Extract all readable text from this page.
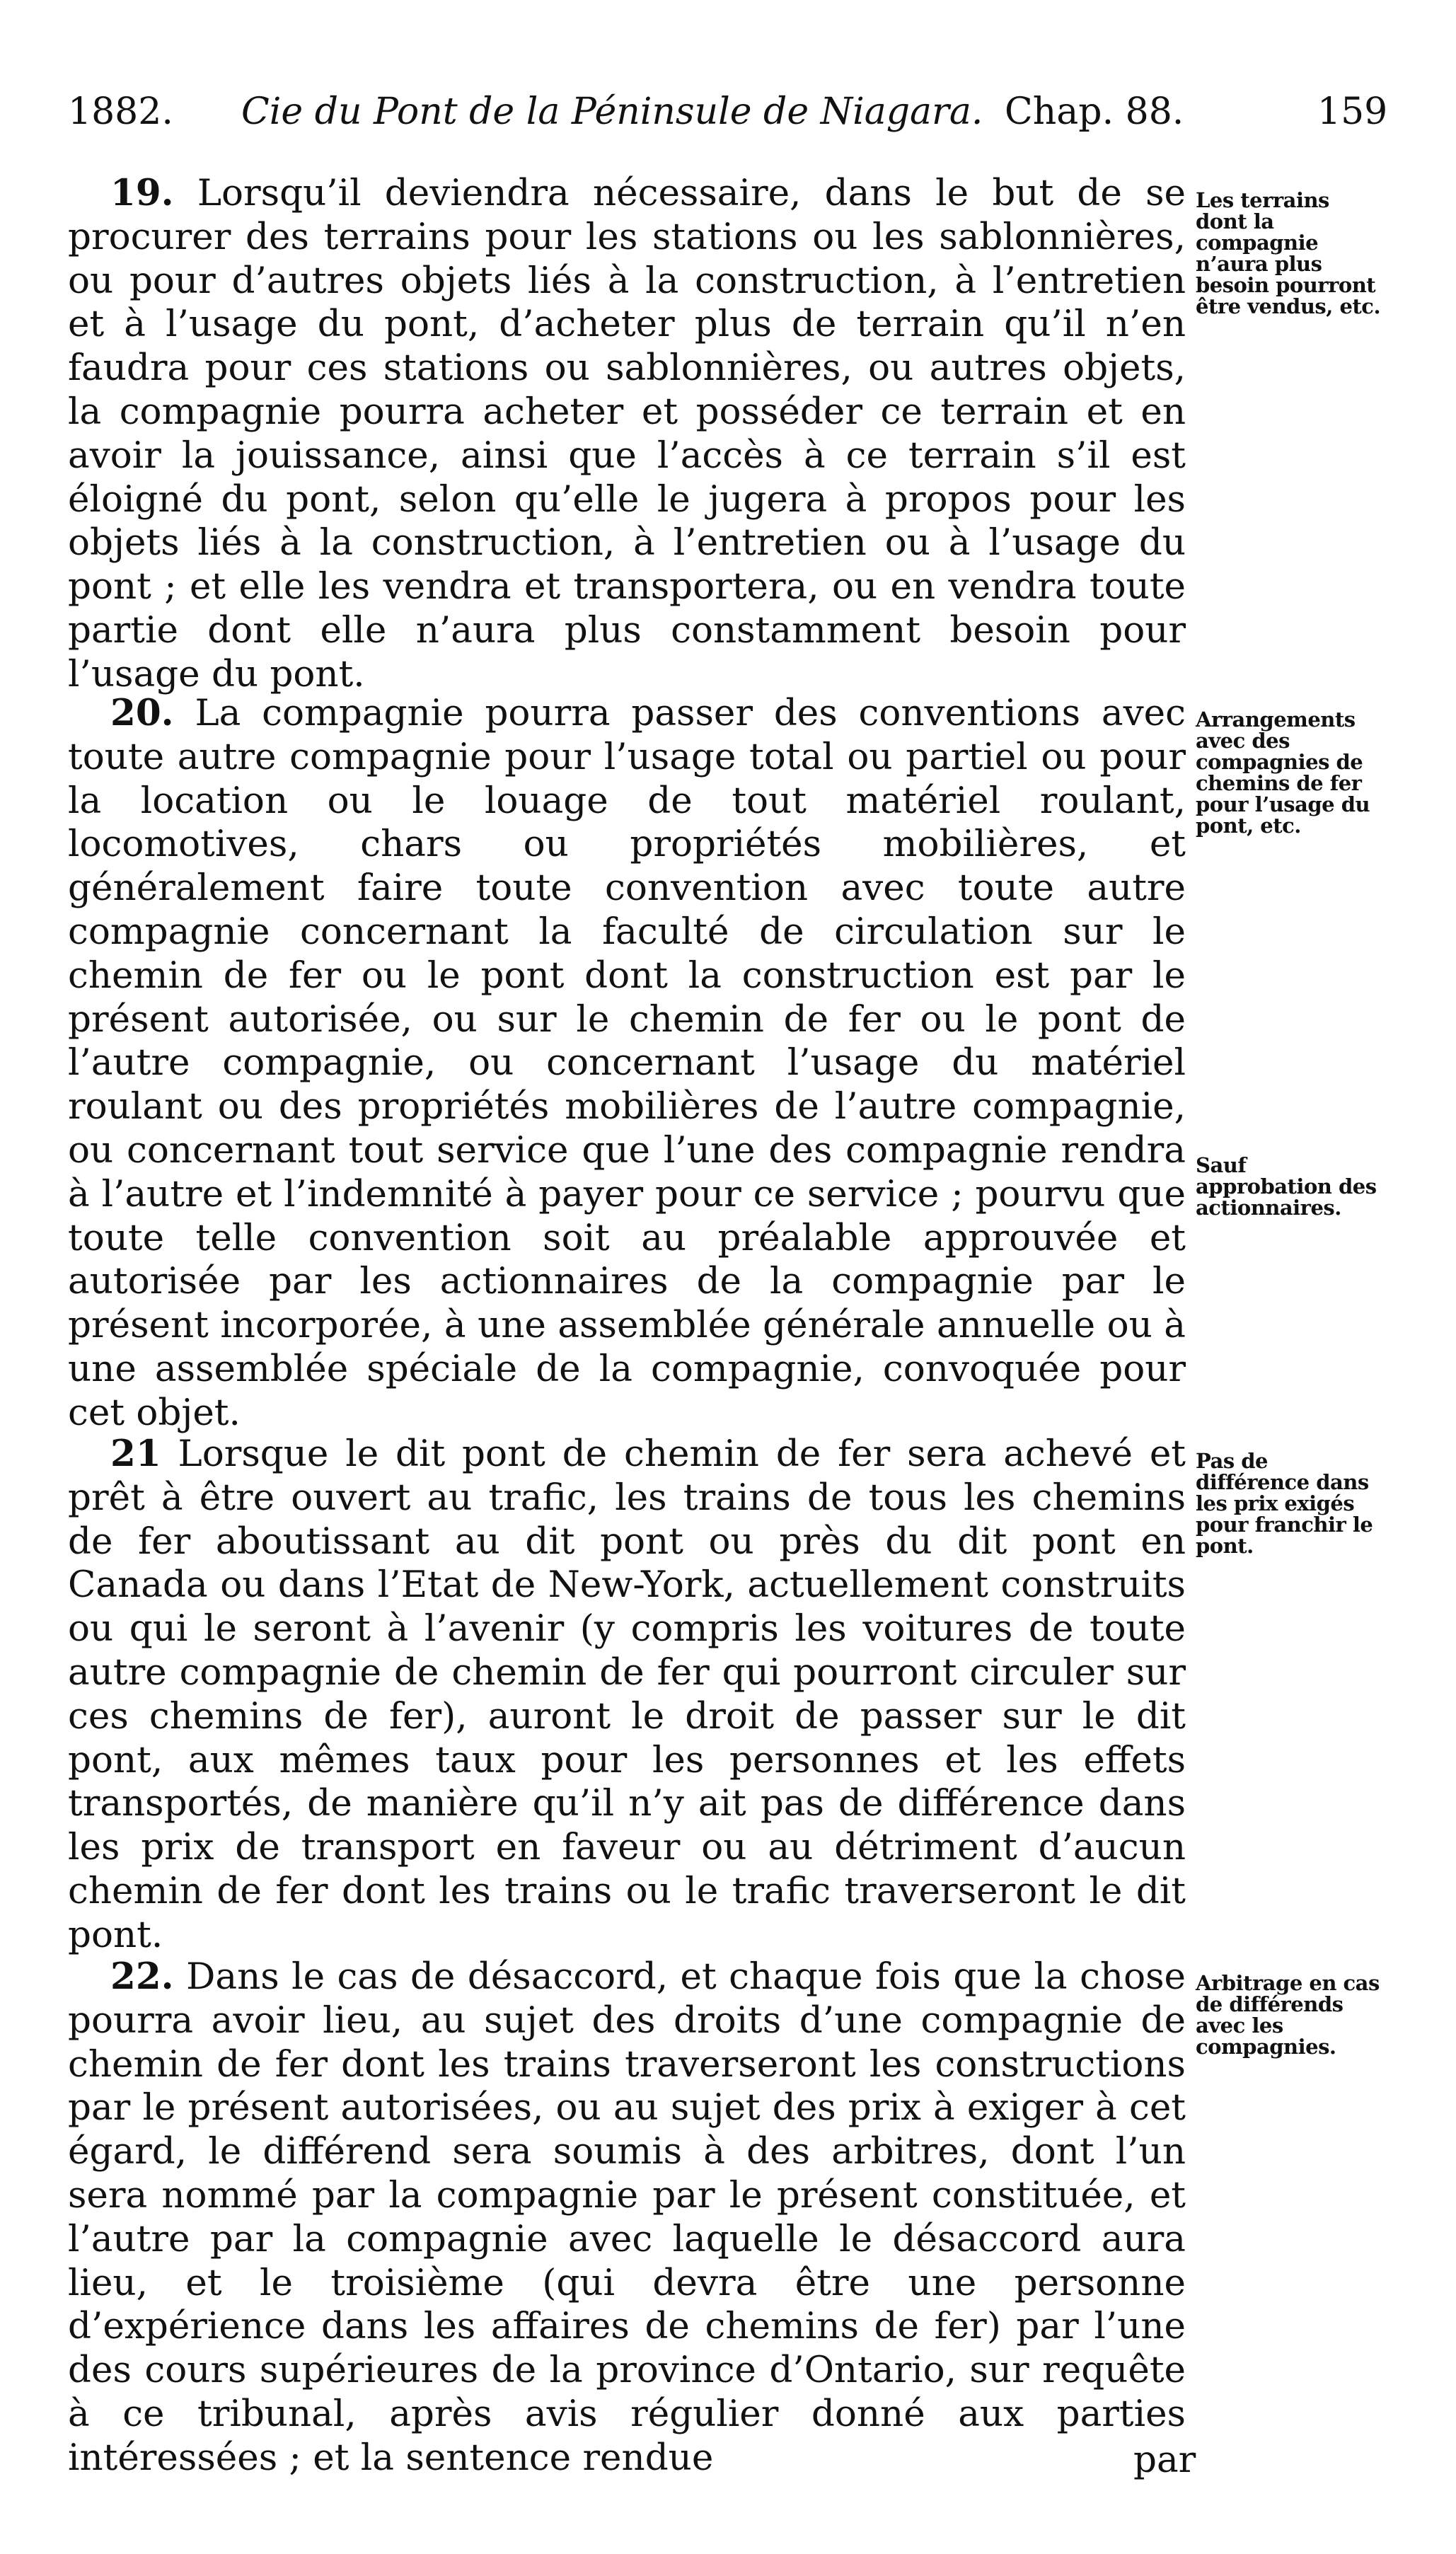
1882. Cie du Pont de la Péninsule de Niagara. Chap. 88.	159

19. Lorsqu’il deviendra nécessaire, dans le but de se procurer des terrains pour les stations ou les sablonnières, ou pour d’autres objets liés à la construction, à l’entretien et à l’usage du pont, d’acheter plus de terrain qu’il n’en faudra pour ces stations ou sablonnières, ou autres objets, la compagnie pourra acheter et posséder ce terrain et en avoir la jouissance, ainsi que l’accès à ce terrain s’il est éloigné du pont, selon qu’elle le jugera à propos pour les objets liés à la construction, à l’entretien ou à l’usage du pont ; et elle les vendra et transportera, ou en vendra toute partie dont elle n’aura plus constamment besoin pour l’usage du pont.

Les terrains dont la compagnie n’aura plus besoin pourront être vendus, etc.

20. La compagnie pourra passer des conventions avec toute autre compagnie pour l’usage total ou partiel ou pour la location ou le louage de tout matériel roulant, locomotives, chars ou propriétés mobilières, et généralement faire toute convention avec toute autre compagnie concernant la faculté de circulation sur le chemin de fer ou le pont dont la construction est par le présent autorisée, ou sur le chemin de fer ou le pont de l’autre compagnie, ou concernant l’usage du matériel roulant ou des propriétés mobilières de l’autre compagnie, ou concernant tout service que l’une des compagnie rendra à l’autre et l’indemnité à payer pour ce service ; pourvu que toute telle convention soit au préalable approuvée et autorisée par les actionnaires de la compagnie par le présent incorporée, à une assemblée générale annuelle ou à une assemblée spéciale de la compagnie, convoquée pour cet objet.

Arrangements avec des compagnies de chemins de fer pour l’usage du pont, etc.
Sauf approbation des actionnaires.

21 Lorsque le dit pont de chemin de fer sera achevé et prêt à être ouvert au trafic, les trains de tous les chemins de fer aboutissant au dit pont ou près du dit pont en Canada ou dans l’Etat de New-York, actuellement construits ou qui le seront à l’avenir (y compris les voitures de toute autre compagnie de chemin de fer qui pourront circuler sur ces chemins de fer), auront le droit de passer sur le dit pont, aux mêmes taux pour les personnes et les effets transportés, de manière qu’il n’y ait pas de différence dans les prix de transport en faveur ou au détriment d’aucun chemin de fer dont les trains ou le trafic traverseront le dit pont.

Pas de différence dans les prix exigés pour franchir le pont.

22. Dans le cas de désaccord, et chaque fois que la chose pourra avoir lieu, au sujet des droits d’une compagnie de chemin de fer dont les trains traverseront les constructions par le présent autorisées, ou au sujet des prix à exiger à cet égard, le différend sera soumis à des arbitres, dont l’un sera nommé par la compagnie par le présent constituée, et l’autre par la compagnie avec laquelle le désaccord aura lieu, et le troisième (qui devra être une personne d’expérience dans les affaires de chemins de fer) par l’une des cours supérieures de la province d’Ontario, sur requête à ce tribunal, après avis régulier donné aux parties intéressées ; et la sentence rendue

Arbitrage en cas de différends avec les compagnies.
par
